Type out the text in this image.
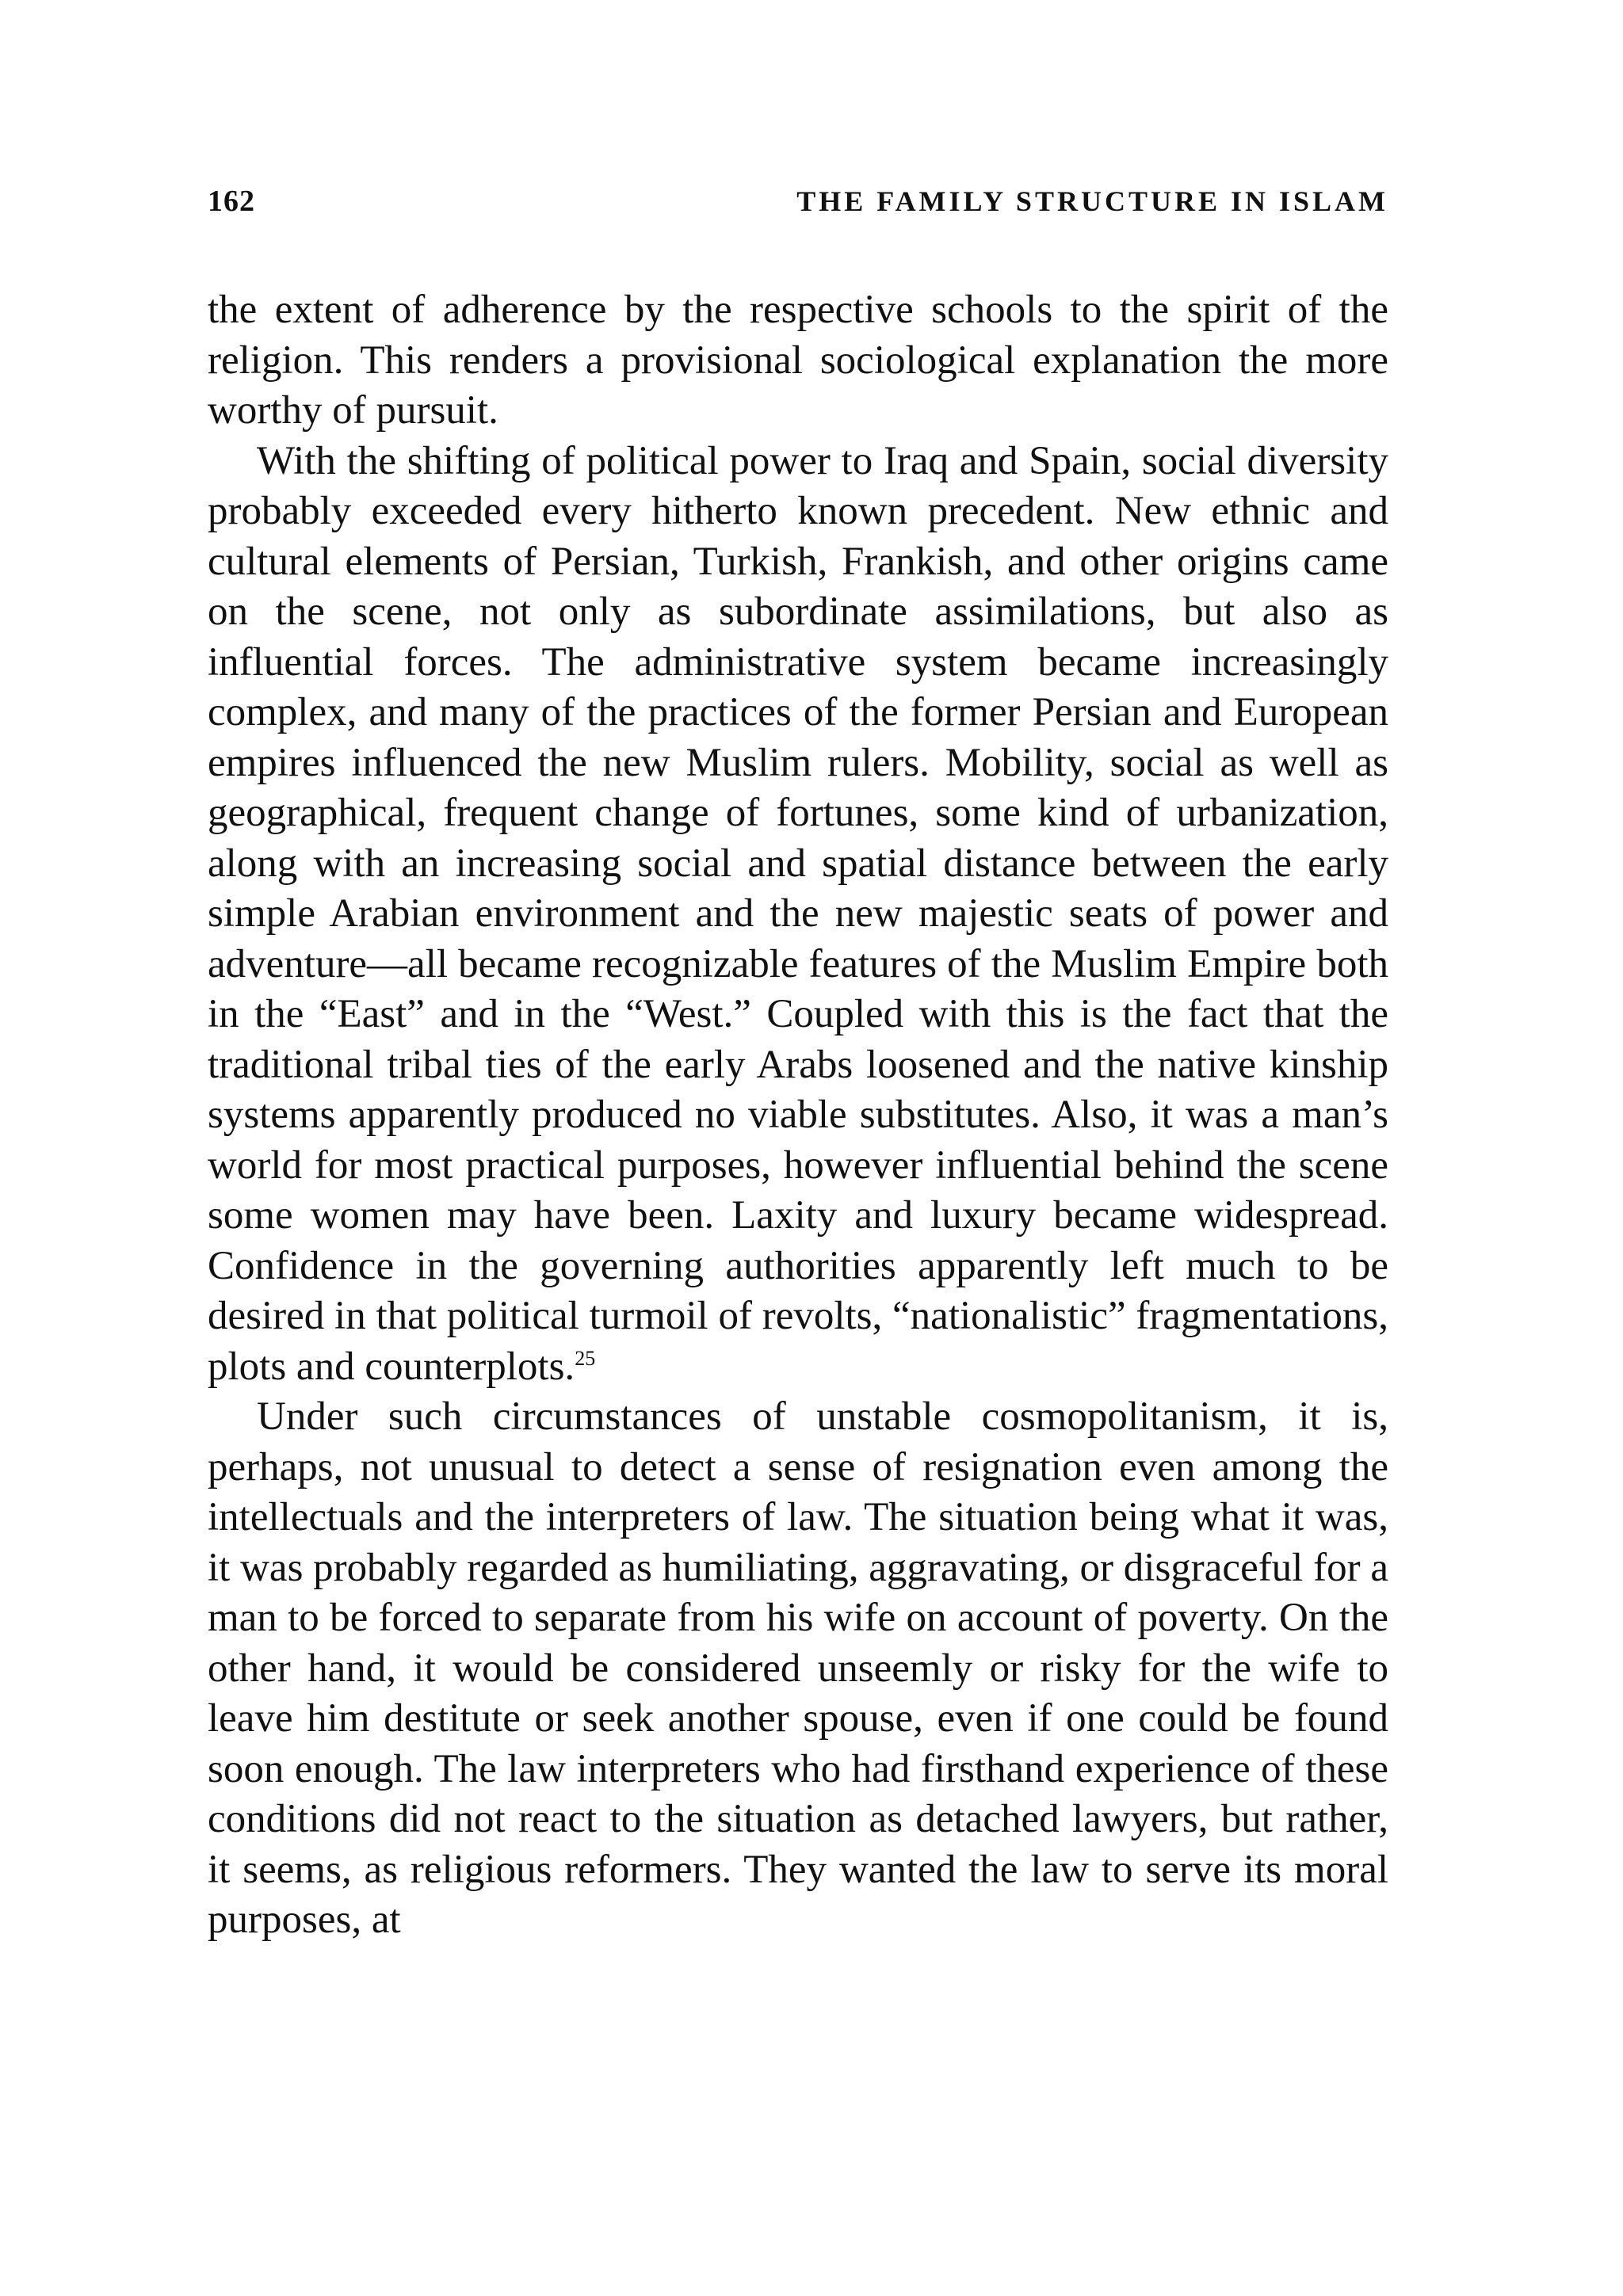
162	THE FAMILY STRUCTURE IN ISLAM

the extent of adherence by the respective schools to the spirit of the religion. This renders a provisional sociological explanation the more worthy of pursuit.

With the shifting of political power to Iraq and Spain, social diversity probably exceeded every hitherto known precedent. New ethnic and cultural elements of Persian, Turkish, Frankish, and other origins came on the scene, not only as subordinate assimilations, but also as influential forces. The administrative system became increasingly complex, and many of the practices of the former Persian and European empires influenced the new Muslim rulers. Mobility, social as well as geographical, frequent change of fortunes, some kind of urbanization, along with an increasing social and spatial distance between the early simple Arabian environment and the new majestic seats of power and adventure—all became recognizable features of the Muslim Empire both in the “East” and in the “West.” Coupled with this is the fact that the traditional tribal ties of the early Arabs loosened and the native kinship systems apparently produced no viable substitutes. Also, it was a man’s world for most practical purposes, however influential behind the scene some women may have been. Laxity and luxury became widespread. Confidence in the governing authorities apparently left much to be desired in that political turmoil of revolts, “nationalistic” fragmentations, plots and counterplots.$^{25}$

Under such circumstances of unstable cosmopolitanism, it is, perhaps, not unusual to detect a sense of resignation even among the intellectuals and the interpreters of law. The situation being what it was, it was probably regarded as humiliating, aggravating, or disgraceful for a man to be forced to separate from his wife on account of poverty. On the other hand, it would be considered unseemly or risky for the wife to leave him destitute or seek another spouse, even if one could be found soon enough. The law interpreters who had firsthand experience of these conditions did not react to the situation as detached lawyers, but rather, it seems, as religious reformers. They wanted the law to serve its moral purposes, at
